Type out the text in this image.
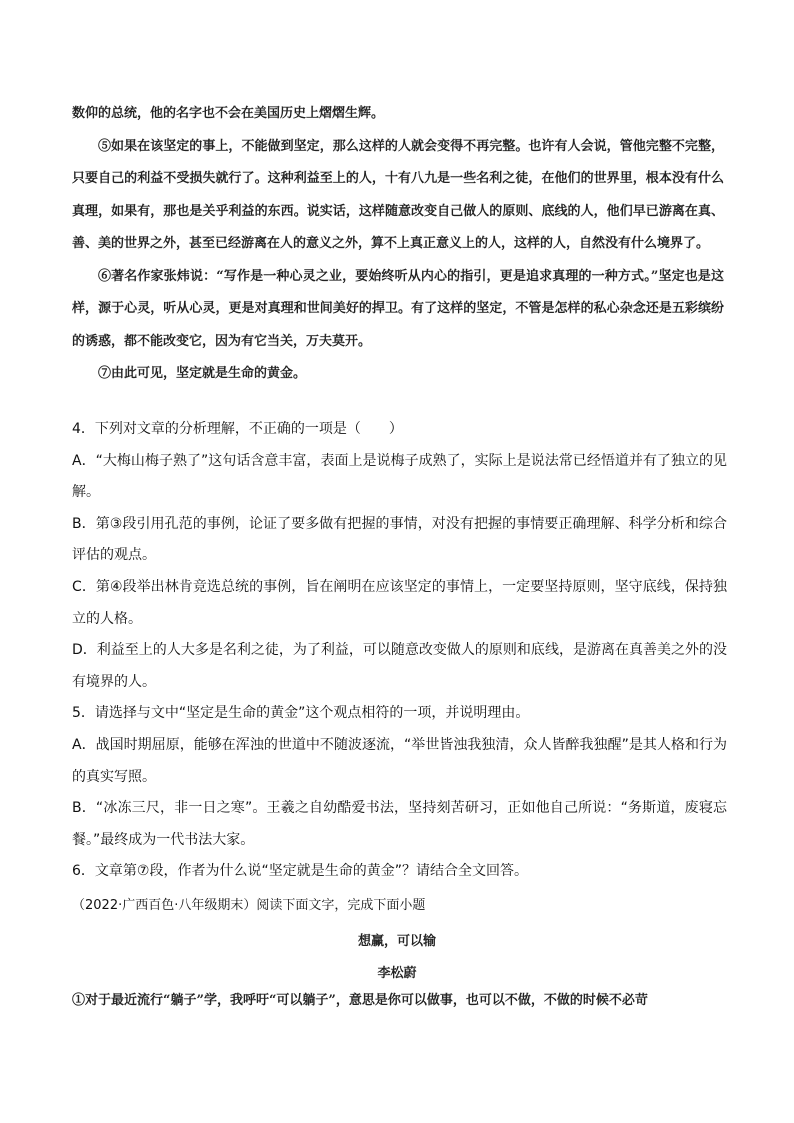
数仰的总统，他的名字也不会在美国历史上熠熠生辉。

⑤如果在该坚定的事上，不能做到坚定，那么这样的人就会变得不再完整。也许有人会说，管他完整不完整，只要自己的利益不受损失就行了。这种利益至上的人，十有八九是一些名利之徒，在他们的世界里，根本没有什么真理，如果有，那也是关乎利益的东西。说实话，这样随意改变自己做人的原则、底线的人，他们早已游离在真、善、美的世界之外，甚至已经游离在人的意义之外，算不上真正意义上的人，这样的人，自然没有什么境界了。

⑥著名作家张炜说：“写作是一种心灵之业，要始终听从内心的指引，更是追求真理的一种方式。”坚定也是这样，源于心灵，听从心灵，更是对真理和世间美好的捍卫。有了这样的坚定，不管是怎样的私心杂念还是五彩缤纷的诱惑，都不能改变它，因为有它当关，万夫莫开。

⑦由此可见，坚定就是生命的黄金。

4．下列对文章的分析理解，不正确的一项是（　　）

A．“大梅山梅子熟了”这句话含意丰富，表面上是说梅子成熟了，实际上是说法常已经悟道并有了独立的见解。

B．第③段引用孔范的事例，论证了要多做有把握的事情，对没有把握的事情要正确理解、科学分析和综合评估的观点。

C．第④段举出林肯竞选总统的事例，旨在阐明在应该坚定的事情上，一定要坚持原则，坚守底线，保持独立的人格。

D．利益至上的人大多是名利之徒，为了利益，可以随意改变做人的原则和底线，是游离在真善美之外的没有境界的人。

5．请选择与文中“坚定是生命的黄金”这个观点相符的一项，并说明理由。

A．战国时期屈原，能够在浑浊的世道中不随波逐流，“举世皆浊我独清，众人皆醉我独醒”是其人格和行为的真实写照。

B．“冰冻三尺，非一日之寒”。王羲之自幼酷爱书法，坚持刻苦研习，正如他自己所说：“务斯道，废寝忘餐。”最终成为一代书法大家。

6．文章第⑦段，作者为什么说“坚定就是生命的黄金”？请结合全文回答。

（2022·广西百色·八年级期末）阅读下面文字，完成下面小题
想赢，可以输
李松蔚
①对于最近流行“躺子”学，我呼吁“可以躺子”，意思是你可以做事，也可以不做，不做的时候不必苛
